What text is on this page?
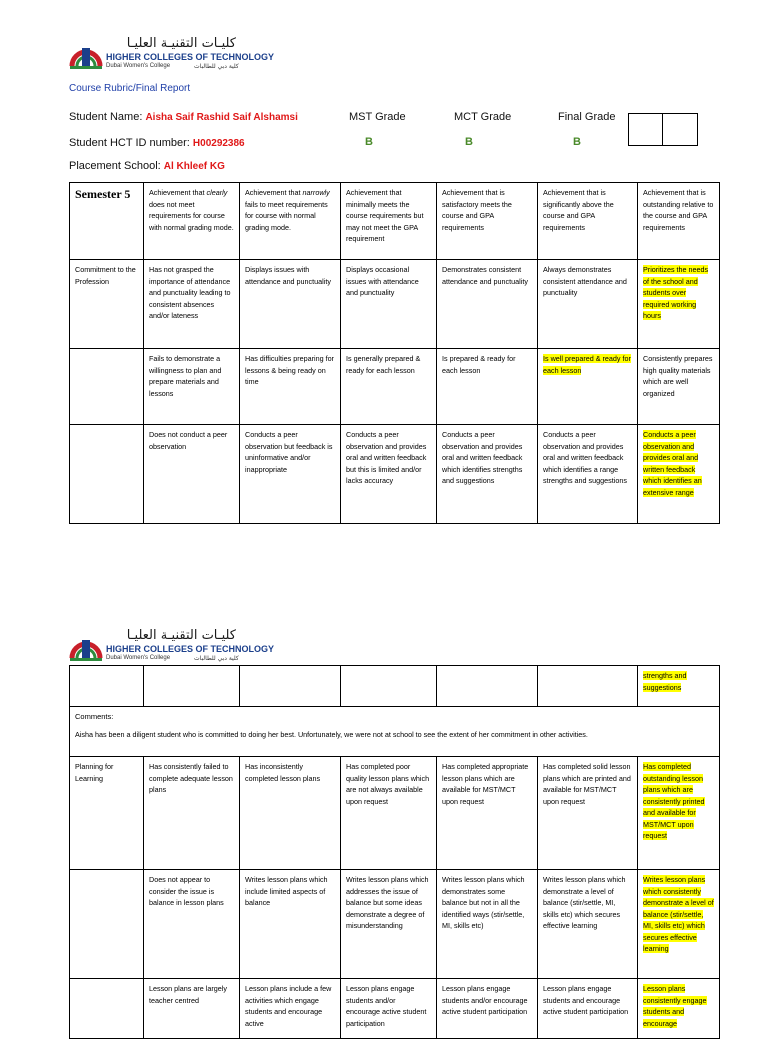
كليـات التقنيـة العليـا
HIGHER COLLEGES OF TECHNOLOGY
Dubai Women's College	كلية دبي للطالبات
Course Rubric/Final Report
Student Name: Aisha Saif Rashid Saif Alshamsi
Student HCT ID number: H00292386
Placement School: Al Khleef KG
MST Grade	MCT Grade	Final Grade
B	B	B
Semester 5	Achievement that clearly does not meet requirements for course with normal grading mode.	Achievement that narrowly fails to meet requirements for course with normal grading mode.	Achievement that minimally meets the course requirements but may not meet the GPA requirement	Achievement that is satisfactory meets the course and GPA requirements	Achievement that is significantly above the course and GPA requirements	Achievement that is outstanding relative to the course and GPA requirements
Commitment to the Profession	Has not grasped the importance of attendance and punctuality leading to consistent absences and/or lateness	Displays issues with attendance and punctuality	Displays occasional issues with attendance and punctuality	Demonstrates consistent attendance and punctuality	Always demonstrates consistent attendance and punctuality	Prioritizes the needs of the school and students over required working hours
	Fails to demonstrate a willingness to plan and prepare materials and lessons	Has difficulties preparing for lessons & being ready on time	Is generally prepared & ready for each lesson	Is prepared & ready for each lesson	Is well prepared & ready for each lesson	Consistently prepares high quality materials which are well organized
	Does not conduct a peer observation	Conducts a peer observation but feedback is uninformative and/or inappropriate	Conducts a peer observation and provides oral and written feedback but this is limited and/or lacks accuracy	Conducts a peer observation and provides oral and written feedback which identifies strengths and suggestions	Conducts a peer observation and provides oral and written feedback which identifies a range strengths and suggestions	Conducts a peer observation and provides oral and written feedback which identifies an extensive range
كليـات التقنيـة العليـا
HIGHER COLLEGES OF TECHNOLOGY
Dubai Women's College	كلية دبي للطالبات
						strengths and suggestions

Comments:
Aisha has been a diligent student who is committed to doing her best. Unfortunately, we were not at school to see the extent of her commitment in other activities.						

Planning for Learning	Has consistently failed to complete adequate lesson plans	Has inconsistently completed lesson plans	Has completed poor quality lesson plans which are not always available upon request	Has completed appropriate lesson plans which are available for MST/MCT upon request	Has completed solid lesson plans which are printed and available for MST/MCT upon request	Has completed outstanding lesson plans which are consistently printed and available for MST/MCT upon request
	Does not appear to consider the issue is balance in lesson plans	Writes lesson plans which include limited aspects of balance	Writes lesson plans which addresses the issue of balance but some ideas demonstrate a degree of misunderstanding	Writes lesson plans which demonstrates some balance but not in all the identified ways (stir/settle, MI, skills etc)	Writes lesson plans which demonstrate a level of balance (stir/settle, MI, skills etc) which secures effective learning	Writes lesson plans which consistently demonstrate a level of balance (stir/settle, MI, skills etc) which secures effective learning
	Lesson plans are largely teacher centred	Lesson plans include a few activities which engage students and encourage active	Lesson plans engage students and/or encourage active student participation	Lesson plans engage students and/or encourage active student participation	Lesson plans engage students and encourage active student participation	Lesson plans consistently engage students and encourage
